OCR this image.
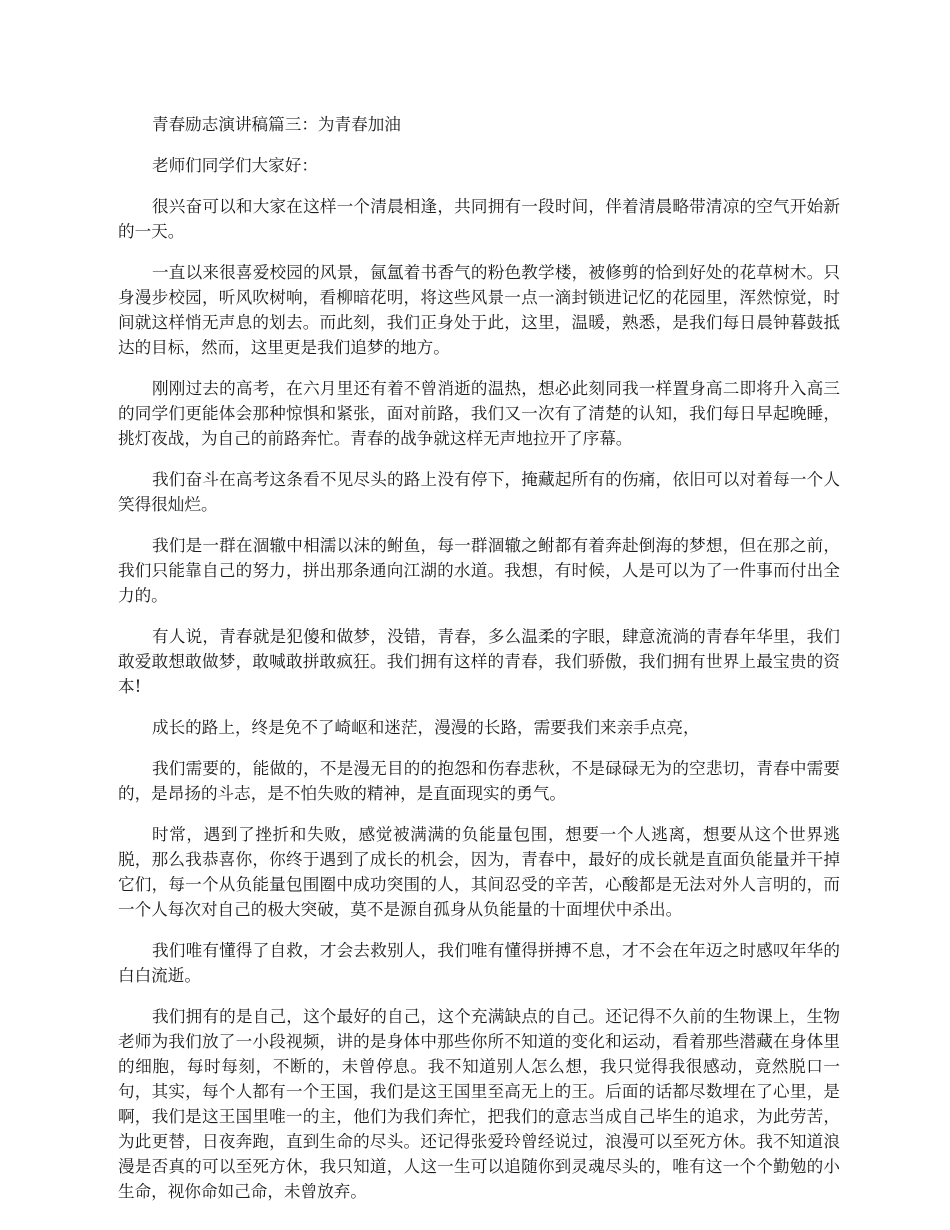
青春励志演讲稿篇三：为青春加油

老师们同学们大家好：

很兴奋可以和大家在这样一个清晨相逢，共同拥有一段时间，伴着清晨略带清凉的空气开始新的一天。

一直以来很喜爱校园的风景，氤氲着书香气的粉色教学楼，被修剪的恰到好处的花草树木。只身漫步校园，听风吹树响，看柳暗花明，将这些风景一点一滴封锁进记忆的花园里，浑然惊觉，时间就这样悄无声息的划去。而此刻，我们正身处于此，这里，温暖，熟悉，是我们每日晨钟暮鼓抵达的目标，然而，这里更是我们追梦的地方。

刚刚过去的高考，在六月里还有着不曾消逝的温热，想必此刻同我一样置身高二即将升入高三的同学们更能体会那种惊惧和紧张，面对前路，我们又一次有了清楚的认知，我们每日早起晚睡，挑灯夜战，为自己的前路奔忙。青春的战争就这样无声地拉开了序幕。

我们奋斗在高考这条看不见尽头的路上没有停下，掩藏起所有的伤痛，依旧可以对着每一个人笑得很灿烂。

我们是一群在涸辙中相濡以沫的鲋鱼，每一群涸辙之鲋都有着奔赴倒海的梦想，但在那之前，我们只能靠自己的努力，拼出那条通向江湖的水道。我想，有时候，人是可以为了一件事而付出全力的。

有人说，青春就是犯傻和做梦，没错，青春，多么温柔的字眼，肆意流淌的青春年华里，我们敢爱敢想敢做梦，敢喊敢拼敢疯狂。我们拥有这样的青春，我们骄傲，我们拥有世界上最宝贵的资本!

成长的路上，终是免不了崎岖和迷茫，漫漫的长路，需要我们来亲手点亮，

我们需要的，能做的，不是漫无目的的抱怨和伤春悲秋，不是碌碌无为的空悲切，青春中需要的，是昂扬的斗志，是不怕失败的精神，是直面现实的勇气。

时常，遇到了挫折和失败，感觉被满满的负能量包围，想要一个人逃离，想要从这个世界逃脱，那么我恭喜你，你终于遇到了成长的机会，因为，青春中，最好的成长就是直面负能量并干掉它们，每一个从负能量包围圈中成功突围的人，其间忍受的辛苦，心酸都是无法对外人言明的，而一个人每次对自己的极大突破，莫不是源自孤身从负能量的十面埋伏中杀出。

我们唯有懂得了自救，才会去救别人，我们唯有懂得拼搏不息，才不会在年迈之时感叹年华的白白流逝。

我们拥有的是自己，这个最好的自己，这个充满缺点的自己。还记得不久前的生物课上，生物老师为我们放了一小段视频，讲的是身体中那些你所不知道的变化和运动，看着那些潜藏在身体里的细胞，每时每刻，不断的，未曾停息。我不知道别人怎么想，我只觉得我很感动，竟然脱口一句，其实，每个人都有一个王国，我们是这王国里至高无上的王。后面的话都尽数埋在了心里，是啊，我们是这王国里唯一的主，他们为我们奔忙，把我们的意志当成自己毕生的追求，为此劳苦，为此更替，日夜奔跑，直到生命的尽头。还记得张爱玲曾经说过，浪漫可以至死方休。我不知道浪漫是否真的可以至死方休，我只知道，人这一生可以追随你到灵魂尽头的，唯有这一个个勤勉的小生命，视你命如己命，未曾放弃。
